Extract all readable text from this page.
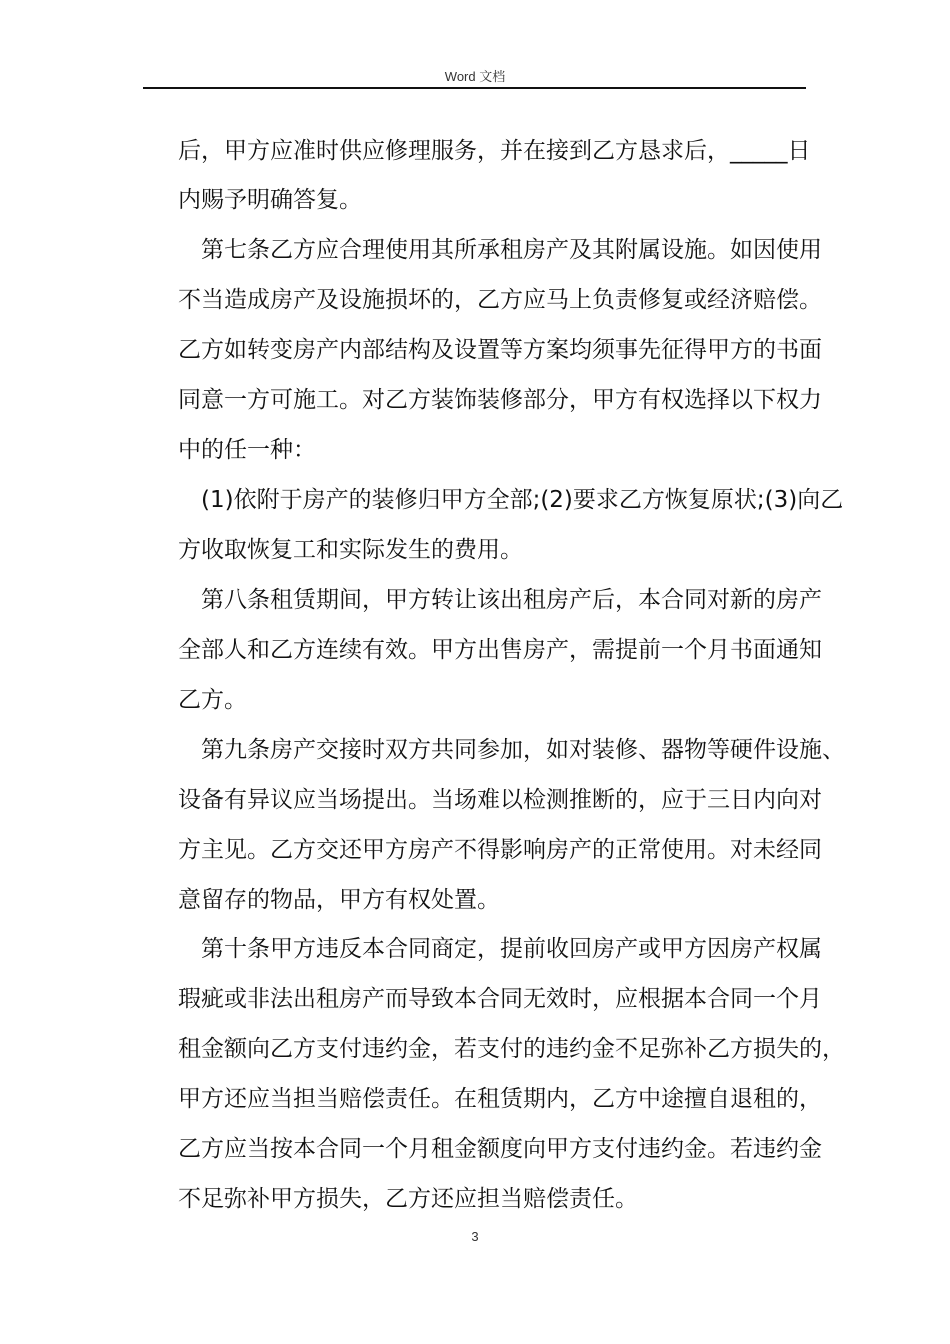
Word 文档
后，甲方应准时供应修理服务，并在接到乙方恳求后，_____日
内赐予明确答复。
第七条乙方应合理使用其所承租房产及其附属设施。如因使用
不当造成房产及设施损坏的，乙方应马上负责修复或经济赔偿。
乙方如转变房产内部结构及设置等方案均须事先征得甲方的书面
同意一方可施工。对乙方装饰装修部分，甲方有权选择以下权力
中的任一种：
(1)依附于房产的装修归甲方全部;(2)要求乙方恢复原状;(3)向乙
方收取恢复工和实际发生的费用。
第八条租赁期间，甲方转让该出租房产后，本合同对新的房产
全部人和乙方连续有效。甲方出售房产，需提前一个月书面通知
乙方。
第九条房产交接时双方共同参加，如对装修、器物等硬件设施、
设备有异议应当场提出。当场难以检测推断的，应于三日内向对
方主见。乙方交还甲方房产不得影响房产的正常使用。对未经同
意留存的物品，甲方有权处置。
第十条甲方违反本合同商定，提前收回房产或甲方因房产权属
瑕疵或非法出租房产而导致本合同无效时，应根据本合同一个月
租金额向乙方支付违约金，若支付的违约金不足弥补乙方损失的，
甲方还应当担当赔偿责任。在租赁期内，乙方中途擅自退租的，
乙方应当按本合同一个月租金额度向甲方支付违约金。若违约金
不足弥补甲方损失，乙方还应担当赔偿责任。
3
